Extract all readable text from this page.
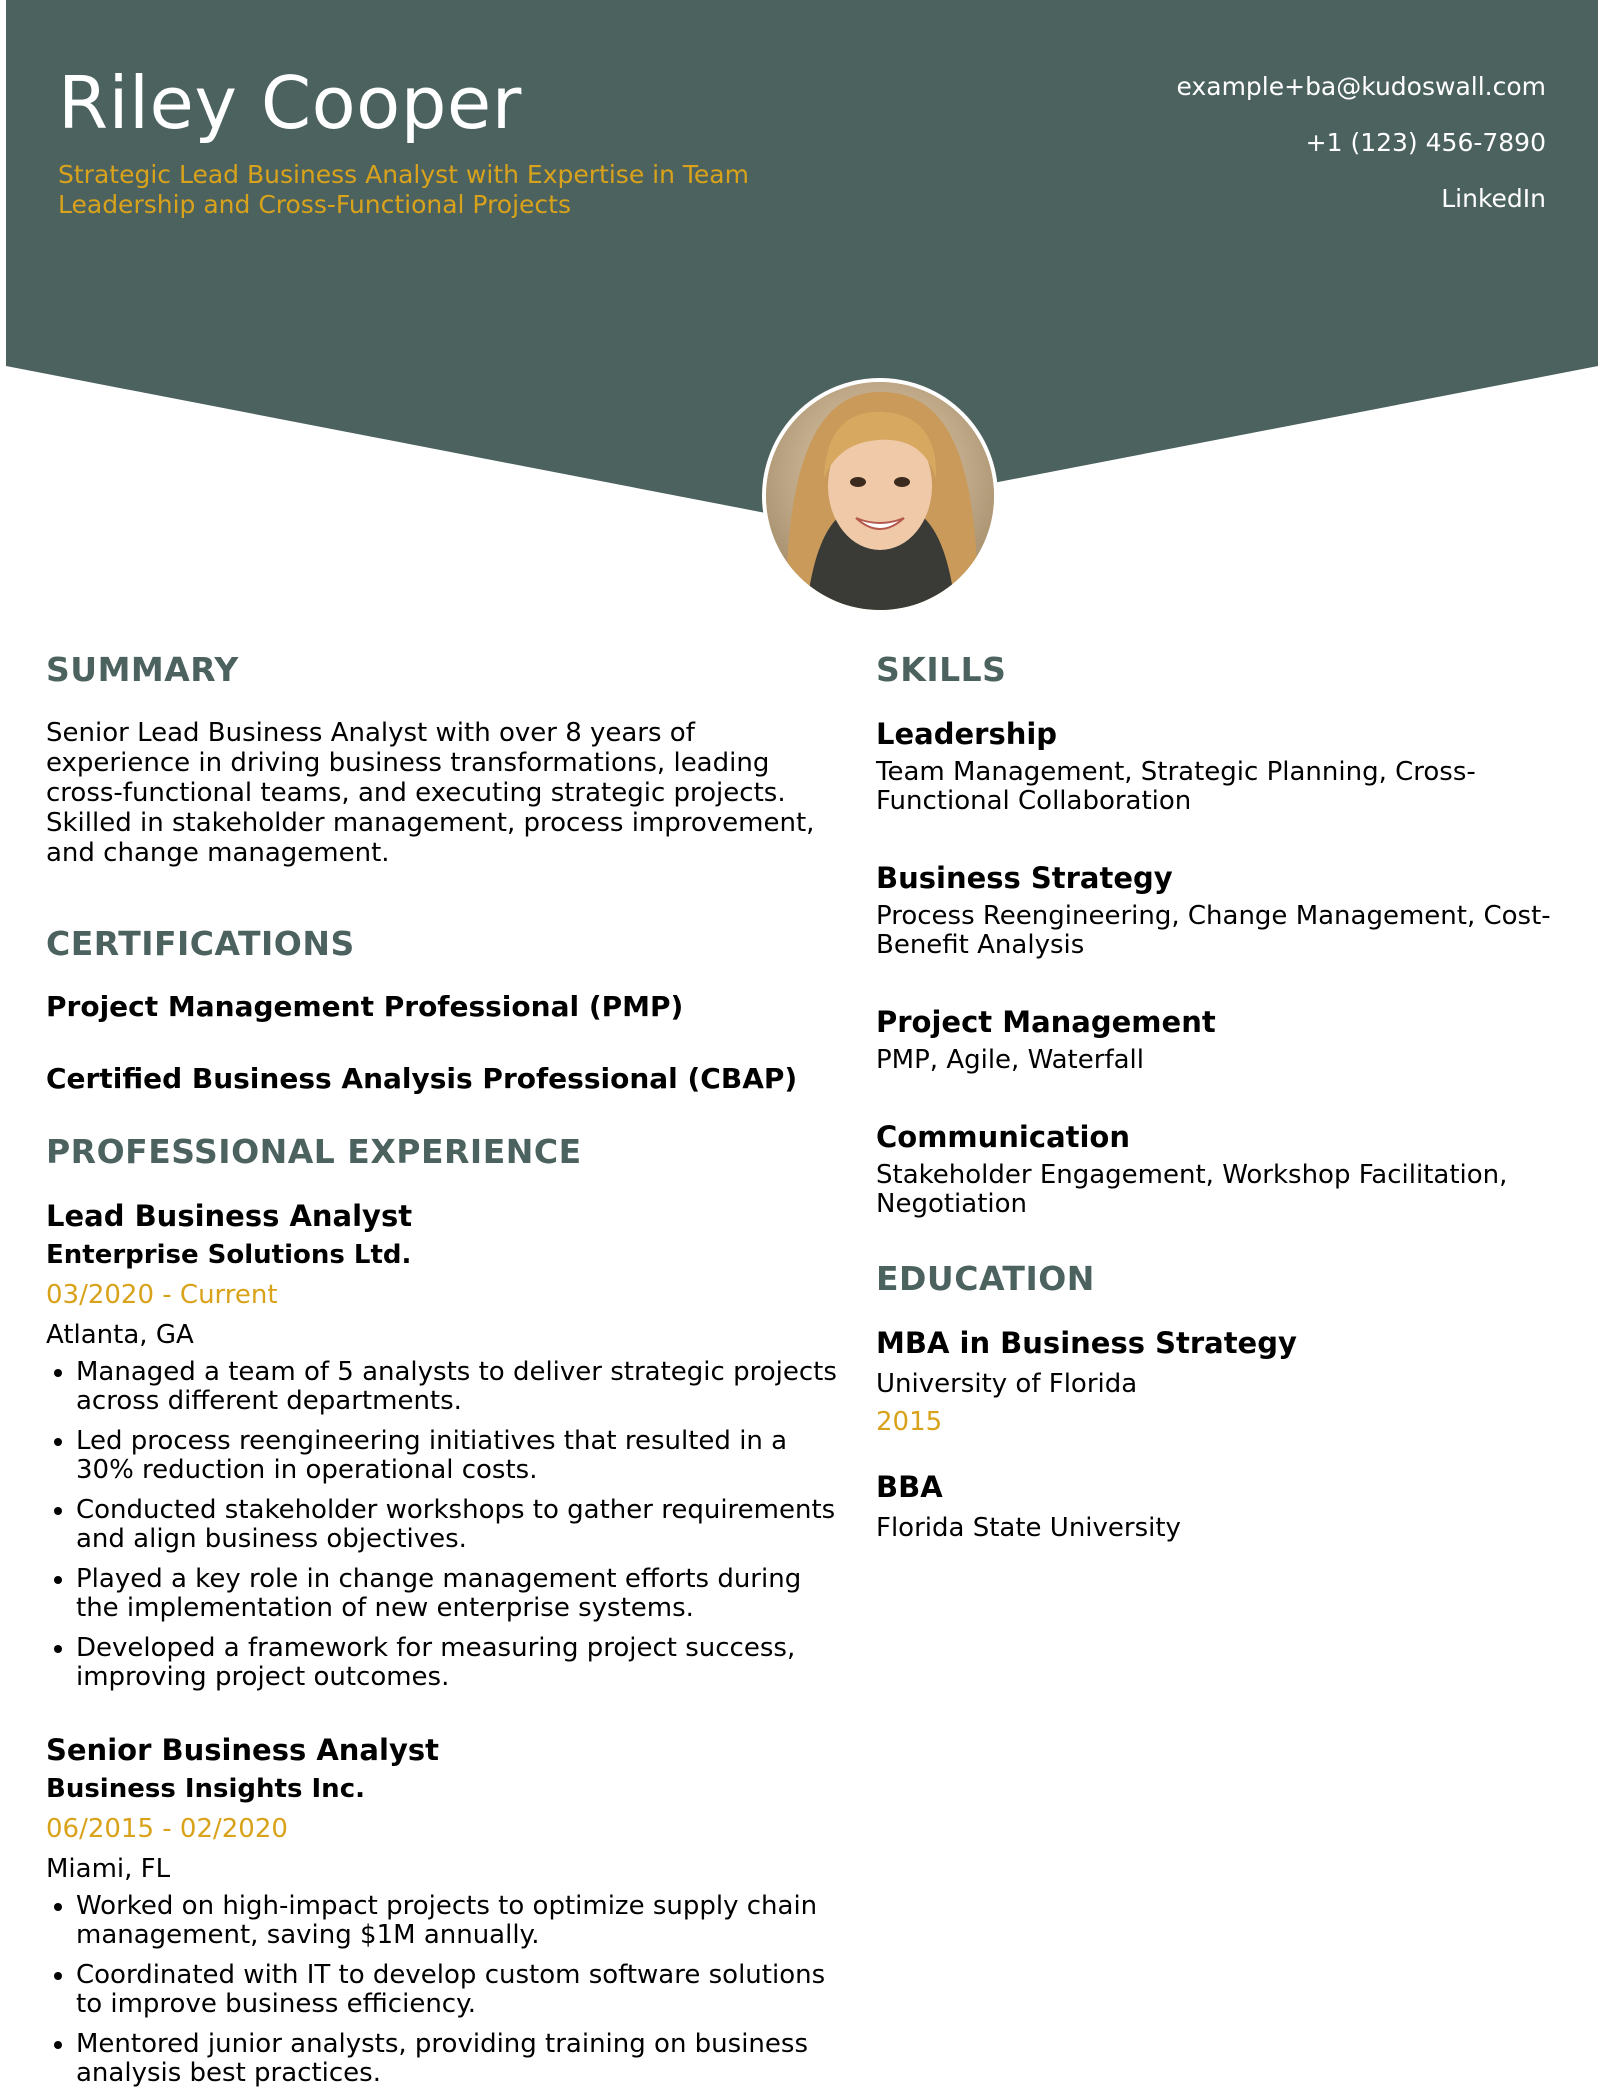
Riley Cooper
Strategic Lead Business Analyst with Expertise in Team Leadership and Cross-Functional Projects
example+ba@kudoswall.com
+1 (123) 456-7890
LinkedIn
SUMMARY
Senior Lead Business Analyst with over 8 years of experience in driving business transformations, leading cross-functional teams, and executing strategic projects. Skilled in stakeholder management, process improvement, and change management.
CERTIFICATIONS
Project Management Professional (PMP)
Certified Business Analysis Professional (CBAP)
PROFESSIONAL EXPERIENCE
Lead Business Analyst
Enterprise Solutions Ltd.
03/2020 - Current
Atlanta, GA
• Managed a team of 5 analysts to deliver strategic projects across different departments.
• Led process reengineering initiatives that resulted in a 30% reduction in operational costs.
• Conducted stakeholder workshops to gather requirements and align business objectives.
• Played a key role in change management efforts during the implementation of new enterprise systems.
• Developed a framework for measuring project success, improving project outcomes.
Senior Business Analyst
Business Insights Inc.
06/2015 - 02/2020
Miami, FL
• Worked on high-impact projects to optimize supply chain management, saving $1M annually.
• Coordinated with IT to develop custom software solutions to improve business efficiency.
• Mentored junior analysts, providing training on business analysis best practices.
SKILLS
Leadership
Team Management, Strategic Planning, Cross-Functional Collaboration
Business Strategy
Process Reengineering, Change Management, Cost-Benefit Analysis
Project Management
PMP, Agile, Waterfall
Communication
Stakeholder Engagement, Workshop Facilitation, Negotiation
EDUCATION
MBA in Business Strategy
University of Florida
2015
BBA
Florida State University
